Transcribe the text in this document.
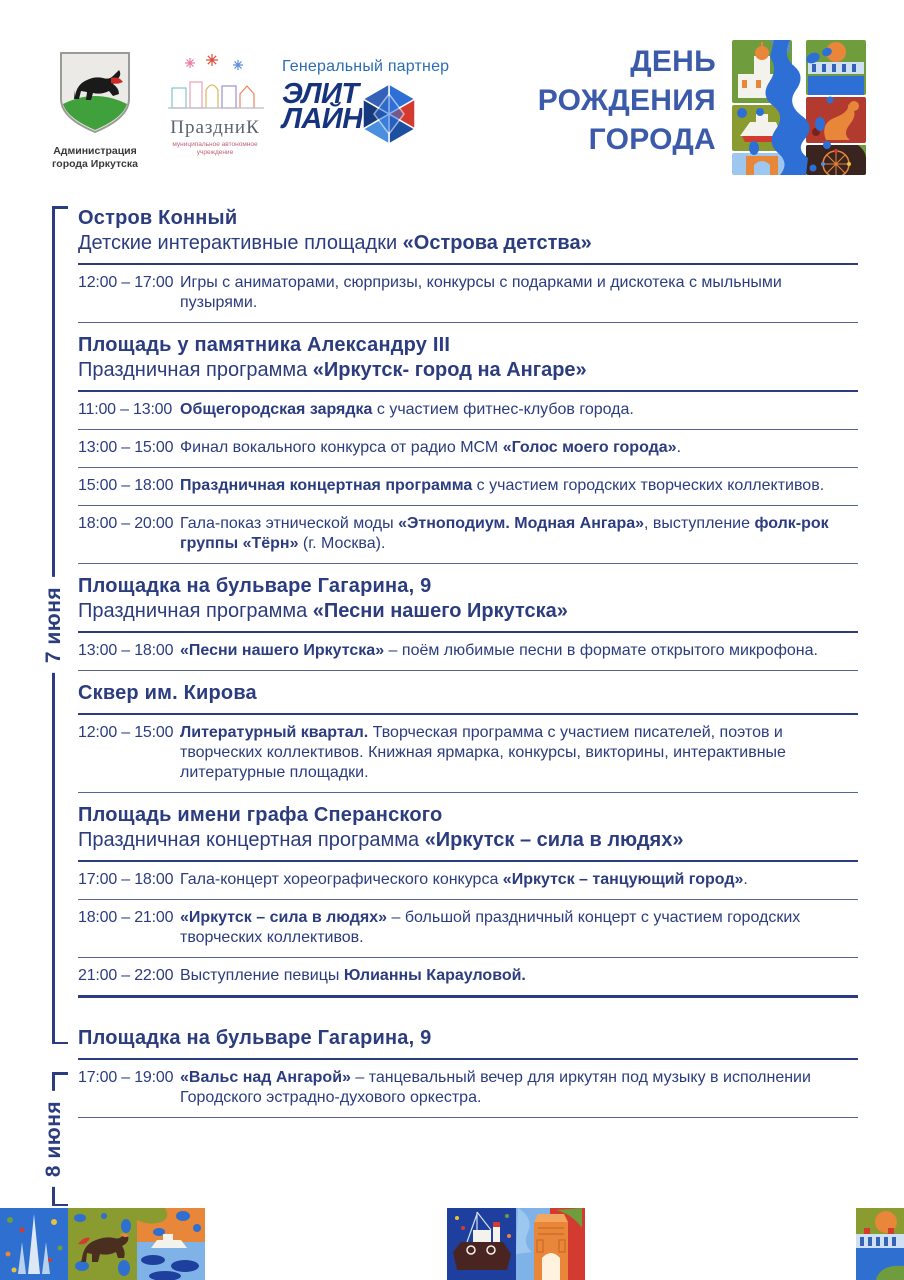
Администрация
города Иркутска
ПраздниК
муниципальное автономное
учреждение
Генеральный партнер
ЭЛИТ
ЛАЙН
ДЕНЬ
РОЖДЕНИЯ
ГОРОДА
7 июня
8 июня
Остров Конный

Детские интерактивные площадки «Острова детства»

12:00 – 17:00 Игры с аниматорами, сюрпризы, конкурсы с подарками и дискотека с мыльными пузырями.
Площадь у памятника Александру III

Праздничная программа «Иркутск- город на Ангаре»

11:00 – 13:00 Общегородская зарядка с участием фитнес-клубов города.
13:00 – 15:00 Финал вокального конкурса от радио МСМ «Голос моего города».
15:00 – 18:00 Праздничная концертная программа с участием городских творческих коллективов.
18:00 – 20:00 Гала-показ этнической моды «Этноподиум. Модная Ангара», выступление фолк-рок группы «Тёрн» (г. Москва).
Площадка на бульваре Гагарина, 9

Праздничная программа «Песни нашего Иркутска»

13:00 – 18:00 «Песни нашего Иркутска» – поём любимые песни в формате открытого микрофона.
Сквер им. Кирова
12:00 – 15:00 Литературный квартал. Творческая программа с участием писателей, поэтов и творческих коллективов. Книжная ярмарка, конкурсы, викторины, интерактивные литературные площадки.
Площадь имени графа Сперанского

Праздничная концертная программа «Иркутск – сила в людях»

17:00 – 18:00 Гала-концерт хореографического конкурса «Иркутск – танцующий город».
18:00 – 21:00 «Иркутск – сила в людях» – большой праздничный концерт с участием городских творческих коллективов.
21:00 – 22:00 Выступление певицы Юлианны Карауловой.
Площадка на бульваре Гагарина, 9
17:00 – 19:00 «Вальс над Ангарой» – танцевальный вечер для иркутян под музыку в исполнении Городского эстрадно-духового оркестра.
